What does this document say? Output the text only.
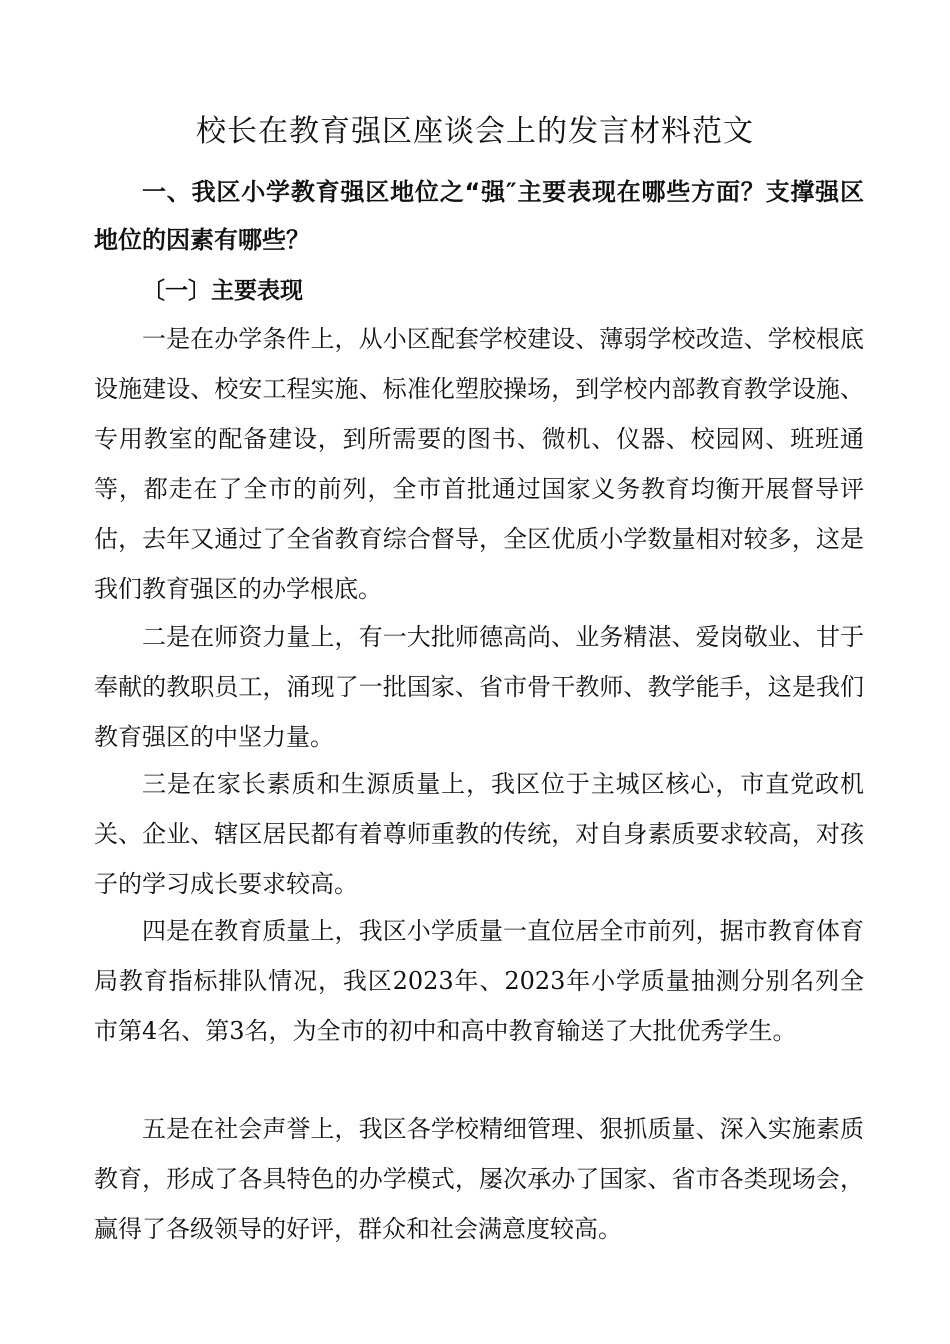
校长在教育强区座谈会上的发言材料范文
一、我区小学教育强区地位之“强″主要表现在哪些方面？支撑强区地位的因素有哪些？
〔一〕主要表现
一是在办学条件上，从小区配套学校建设、薄弱学校改造、学校根底设施建设、校安工程实施、标准化塑胶操场，到学校内部教育教学设施、专用教室的配备建设，到所需要的图书、微机、仪器、校园网、班班通等，都走在了全市的前列，全市首批通过国家义务教育均衡开展督导评估，去年又通过了全省教育综合督导，全区优质小学数量相对较多，这是我们教育强区的办学根底。
二是在师资力量上，有一大批师德高尚、业务精湛、爱岗敬业、甘于奉献的教职员工，涌现了一批国家、省市骨干教师、教学能手，这是我们教育强区的中坚力量。
三是在家长素质和生源质量上，我区位于主城区核心，市直党政机关、企业、辖区居民都有着尊师重教的传统，对自身素质要求较高，对孩子的学习成长要求较高。
四是在教育质量上，我区小学质量一直位居全市前列，据市教育体育局教育指标排队情况，我区2023年、2023年小学质量抽测分别名列全市第4名、第3名，为全市的初中和高中教育输送了大批优秀学生。
五是在社会声誉上，我区各学校精细管理、狠抓质量、深入实施素质教育，形成了各具特色的办学模式，屡次承办了国家、省市各类现场会，赢得了各级领导的好评，群众和社会满意度较高。
